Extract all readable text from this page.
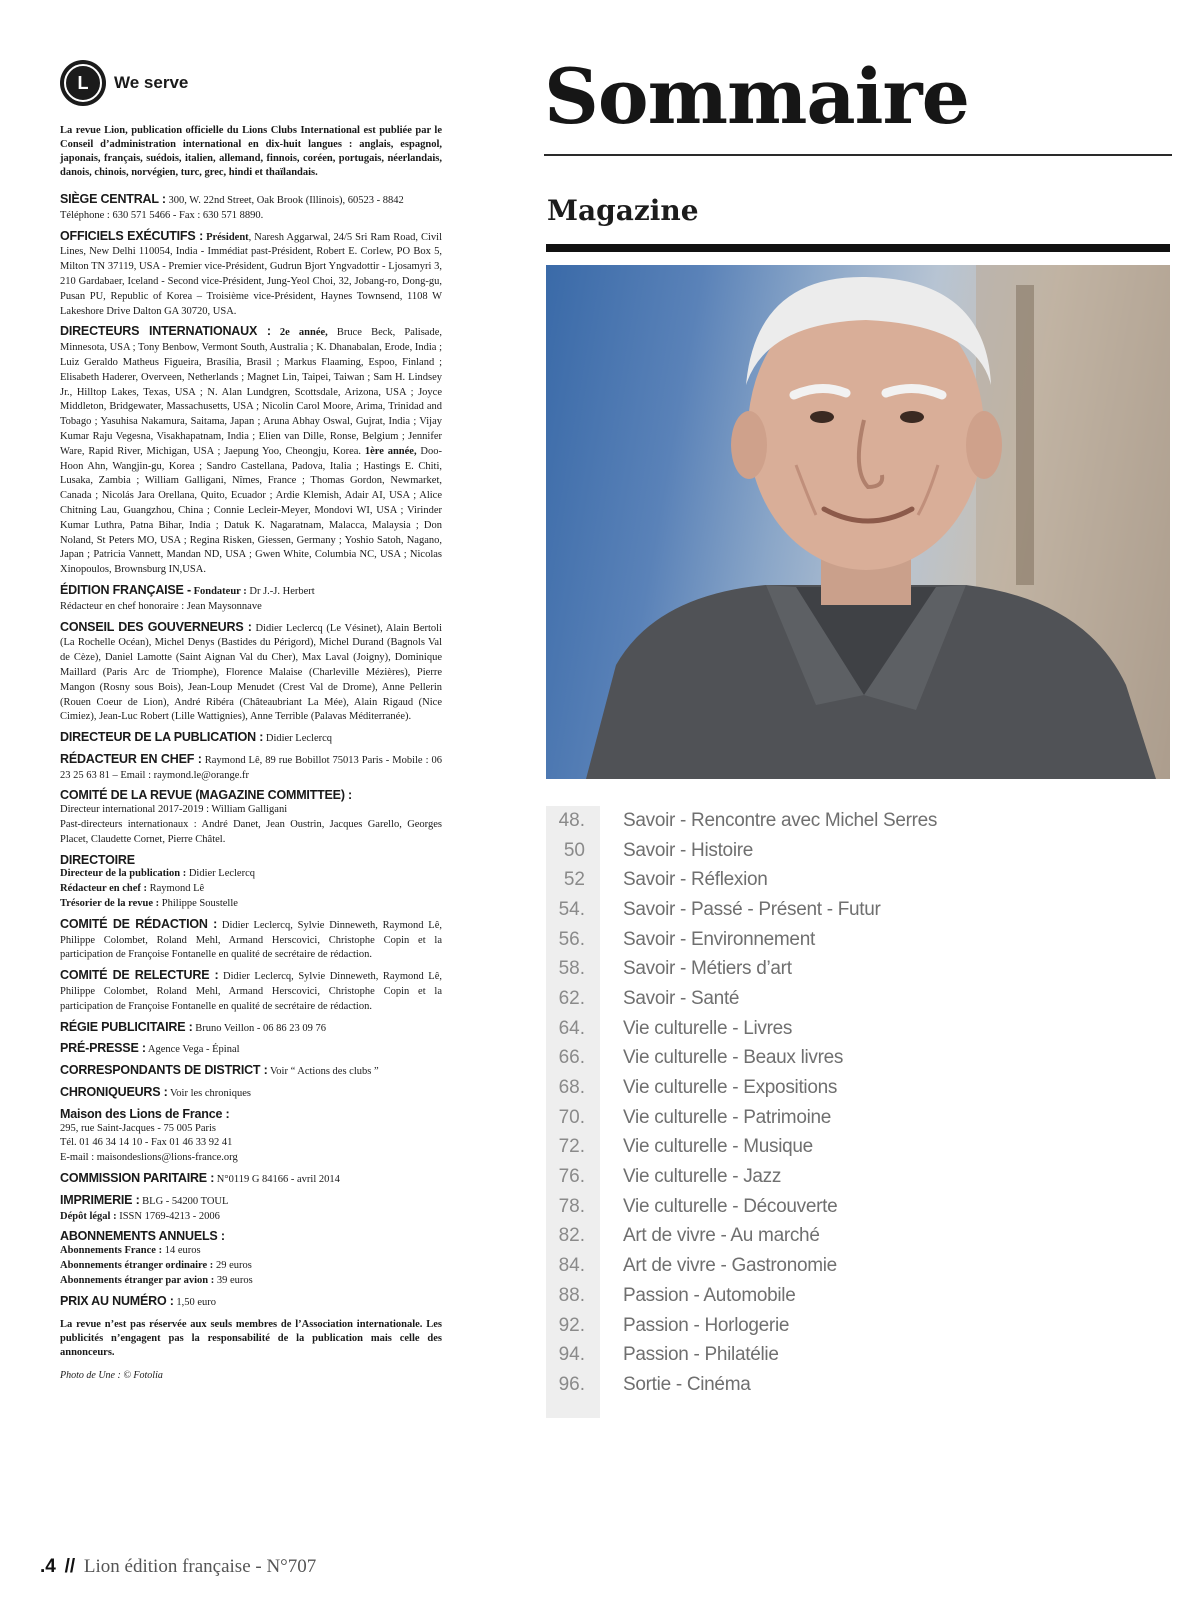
L	We serve

La revue Lion, publication officielle du Lions Clubs International est publiée par le Conseil d’administration international en dix-huit langues : anglais, espagnol, japonais, français, suédois, italien, allemand, finnois, coréen, portugais, néerlandais, danois, chinois, norvégien, turc, grec, hindi et thaïlandais.

SIÈGE CENTRAL : 300, W. 22nd Street, Oak Brook (Illinois), 60523 - 8842
Téléphone : 630 571 5466 - Fax : 630 571 8890.

OFFICIELS EXÉCUTIFS : Président, Naresh Aggarwal, 24/5 Sri Ram Road, Civil Lines, New Delhi 110054, India - Immédiat past-Président, Robert E. Corlew, PO Box 5, Milton TN 37119, USA - Premier vice-Président, Gudrun Bjort Yngvadottir - Ljosamyri 3, 210 Gardabaer, Iceland - Second vice-Président, Jung-Yeol Choi, 32, Jobang-ro, Dong-gu, Pusan PU, Republic of Korea – Troisième vice-Président, Haynes Townsend, 1108 W Lakeshore Drive Dalton GA 30720, USA.

DIRECTEURS INTERNATIONAUX : 2e année, Bruce Beck, Palisade, Minnesota, USA ; Tony Benbow, Vermont South, Australia ; K. Dhanabalan, Erode, India ; Luiz Geraldo Matheus Figueira, Brasília, Brasil ; Markus Flaaming, Espoo, Finland ; Elisabeth Haderer, Overveen, Netherlands ; Magnet Lin, Taipei, Taiwan ; Sam H. Lindsey Jr., Hilltop Lakes, Texas, USA ; N. Alan Lundgren, Scottsdale, Arizona, USA ; Joyce Middleton, Bridgewater, Massachusetts, USA ; Nicolin Carol Moore, Arima, Trinidad and Tobago ; Yasuhisa Nakamura, Saitama, Japan ; Aruna Abhay Oswal, Gujrat, India ; Vijay Kumar Raju Vegesna, Visakhapatnam, India ; Elien van Dille, Ronse, Belgium ; Jennifer Ware, Rapid River, Michigan, USA ; Jaepung Yoo, Cheongju, Korea. 1ère année, Doo-Hoon Ahn, Wangjin-gu, Korea ; Sandro Castellana, Padova, Italia ; Hastings E. Chiti, Lusaka, Zambia ; William Galligani, Nîmes, France ; Thomas Gordon, Newmarket, Canada ; Nicolás Jara Orellana, Quito, Ecuador ; Ardie Klemish, Adair AI, USA ; Alice Chitning Lau, Guangzhou, China ; Connie Lecleir-Meyer, Mondovi WI, USA ; Virinder Kumar Luthra, Patna Bihar, India ; Datuk K. Nagaratnam, Malacca, Malaysia ; Don Noland, St Peters MO, USA ; Regina Risken, Giessen, Germany ; Yoshio Satoh, Nagano, Japan ; Patricia Vannett, Mandan ND, USA ; Gwen White, Columbia NC, USA ; Nicolas Xinopoulos, Brownsburg IN,USA.

ÉDITION FRANÇAISE - Fondateur : Dr J.-J. Herbert
Rédacteur en chef honoraire : Jean Maysonnave

CONSEIL DES GOUVERNEURS : Didier Leclercq (Le Vésinet), Alain Bertoli (La Rochelle Océan), Michel Denys (Bastides du Périgord), Michel Durand (Bagnols Val de Cèze), Daniel Lamotte (Saint Aignan Val du Cher), Max Laval (Joigny), Dominique Maillard (Paris Arc de Triomphe), Florence Malaise (Charleville Mézières), Pierre Mangon (Rosny sous Bois), Jean-Loup Menudet (Crest Val de Drome), Anne Pellerin (Rouen Coeur de Lion), André Ribéra (Châteaubriant La Mée), Alain Rigaud (Nice Cimiez), Jean-Luc Robert (Lille Wattignies), Anne Terrible (Palavas Méditerranée).

DIRECTEUR DE LA PUBLICATION : Didier Leclercq

RÉDACTEUR EN CHEF : Raymond Lê, 89 rue Bobillot 75013 Paris - Mobile : 06 23 25 63 81 – Email : raymond.le@orange.fr

COMITÉ DE LA REVUE (MAGAZINE COMMITTEE) :
Directeur international 2017-2019 : William Galligani
Past-directeurs internationaux : André Danet, Jean Oustrin, Jacques Garello, Georges Placet, Claudette Cornet, Pierre Châtel.

DIRECTOIRE
Directeur de la publication : Didier Leclercq
Rédacteur en chef : Raymond Lê
Trésorier de la revue : Philippe Soustelle

COMITÉ DE RÉDACTION : Didier Leclercq, Sylvie Dinneweth, Raymond Lê, Philippe Colombet, Roland Mehl, Armand Herscovici, Christophe Copin et la participation de Françoise Fontanelle en qualité de secrétaire de rédaction.

COMITÉ DE RELECTURE : Didier Leclercq, Sylvie Dinneweth, Raymond Lê, Philippe Colombet, Roland Mehl, Armand Herscovici, Christophe Copin et la participation de Françoise Fontanelle en qualité de secrétaire de rédaction.

RÉGIE PUBLICITAIRE : Bruno Veillon - 06 86 23 09 76

PRÉ-PRESSE : Agence Vega - Épinal

CORRESPONDANTS DE DISTRICT : Voir “ Actions des clubs ”

CHRONIQUEURS : Voir les chroniques

Maison des Lions de France :
295, rue Saint-Jacques - 75 005 Paris
Tél. 01 46 34 14 10 - Fax 01 46 33 92 41
E-mail : maisondeslions@lions-france.org

COMMISSION PARITAIRE : N°0119 G 84166 - avril 2014

IMPRIMERIE : BLG - 54200 TOUL
Dépôt légal : ISSN 1769-4213 - 2006

ABONNEMENTS ANNUELS :
Abonnements France : 14 euros
Abonnements étranger ordinaire : 29 euros
Abonnements étranger par avion : 39 euros

PRIX AU NUMÉRO : 1,50 euro

La revue n’est pas réservée aux seuls membres de l’Association internationale. Les publicités n’engagent pas la responsabilité de la publication mais celle des annonceurs.

Photo de Une : © Fotolia
Sommaire
Magazine
48.	Savoir - Rencontre avec Michel Serres
50	Savoir - Histoire
52	Savoir - Réflexion
54.	Savoir - Passé - Présent - Futur
56.	Savoir - Environnement
58.	Savoir - Métiers d’art
62.	Savoir - Santé
64.	Vie culturelle - Livres
66.	Vie culturelle - Beaux livres
68.	Vie culturelle - Expositions
70.	Vie culturelle - Patrimoine
72.	Vie culturelle - Musique
76.	Vie culturelle - Jazz
78.	Vie culturelle - Découverte
82.	Art de vivre - Au marché
84.	Art de vivre - Gastronomie
88.	Passion - Automobile
92.	Passion - Horlogerie
94.	Passion - Philatélie
96.	Sortie - Cinéma
.4 // Lion édition française - N°707
